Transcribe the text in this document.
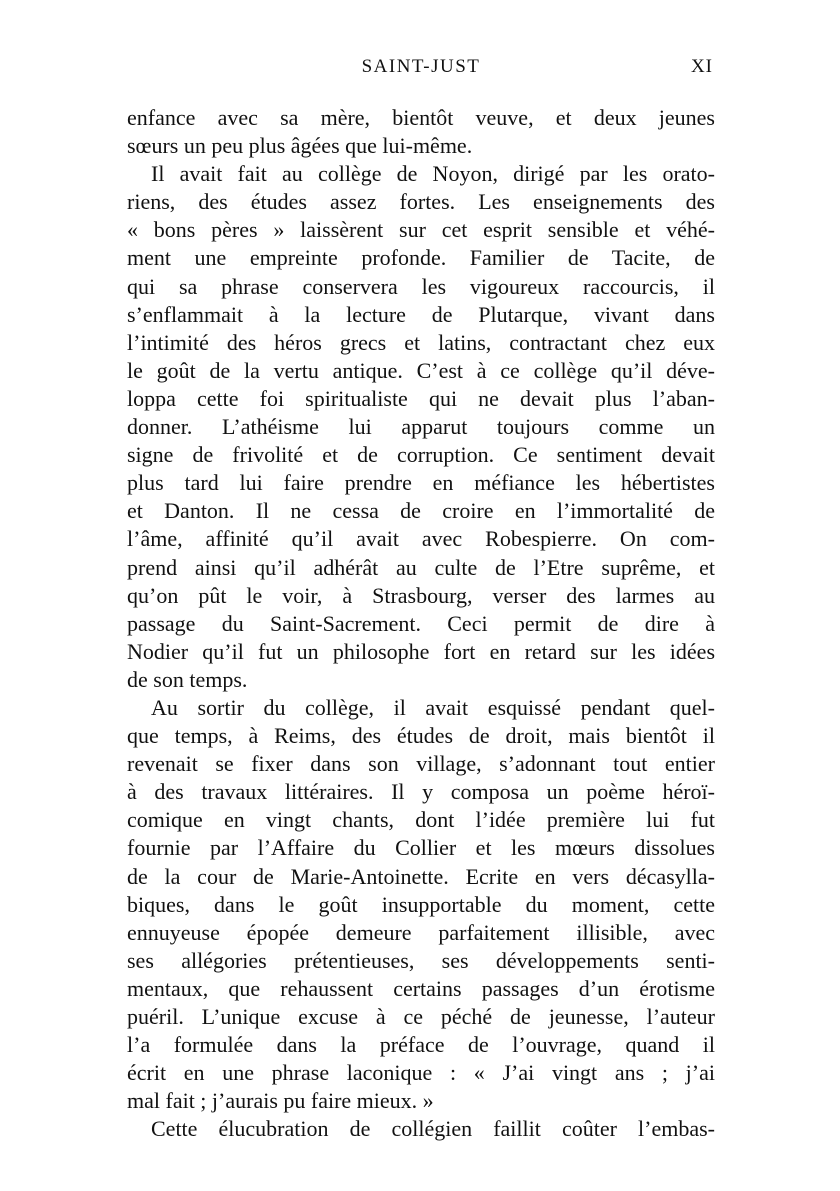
SAINT-JUST	XI
enfance avec sa mère, bientôt veuve, et deux jeunes
sœurs un peu plus âgées que lui-même.
Il avait fait au collège de Noyon, dirigé par les orato-
riens, des études assez fortes. Les enseignements des
« bons pères » laissèrent sur cet esprit sensible et véhé-
ment une empreinte profonde. Familier de Tacite, de
qui sa phrase conservera les vigoureux raccourcis, il
s’enflammait à la lecture de Plutarque, vivant dans
l’intimité des héros grecs et latins, contractant chez eux
le goût de la vertu antique. C’est à ce collège qu’il déve-
loppa cette foi spiritualiste qui ne devait plus l’aban-
donner. L’athéisme lui apparut toujours comme un
signe de frivolité et de corruption. Ce sentiment devait
plus tard lui faire prendre en méfiance les hébertistes
et Danton. Il ne cessa de croire en l’immortalité de
l’âme, affinité qu’il avait avec Robespierre. On com-
prend ainsi qu’il adhérât au culte de l’Etre suprême, et
qu’on pût le voir, à Strasbourg, verser des larmes au
passage du Saint-Sacrement. Ceci permit de dire à
Nodier qu’il fut un philosophe fort en retard sur les idées
de son temps.
Au sortir du collège, il avait esquissé pendant quel-
que temps, à Reims, des études de droit, mais bientôt il
revenait se fixer dans son village, s’adonnant tout entier
à des travaux littéraires. Il y composa un poème héroï-
comique en vingt chants, dont l’idée première lui fut
fournie par l’Affaire du Collier et les mœurs dissolues
de la cour de Marie-Antoinette. Ecrite en vers décasylla-
biques, dans le goût insupportable du moment, cette
ennuyeuse épopée demeure parfaitement illisible, avec
ses allégories prétentieuses, ses développements senti-
mentaux, que rehaussent certains passages d’un érotisme
puéril. L’unique excuse à ce péché de jeunesse, l’auteur
l’a formulée dans la préface de l’ouvrage, quand il
écrit en une phrase laconique : « J’ai vingt ans ; j’ai
mal fait ; j’aurais pu faire mieux. »
Cette élucubration de collégien faillit coûter l’embas-
